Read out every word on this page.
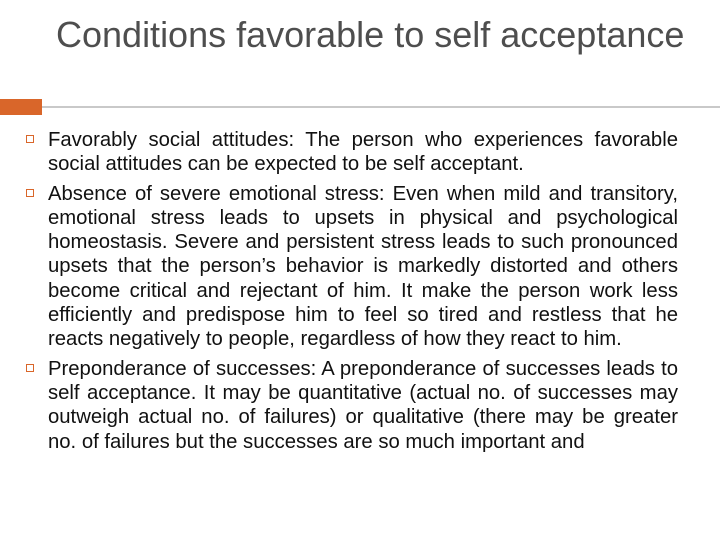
Conditions favorable to self acceptance
Favorably social attitudes: The person who experiences favorable social attitudes can be expected to be self acceptant.
Absence of severe emotional stress: Even when mild and transitory, emotional stress leads to upsets in physical and psychological homeostasis. Severe and persistent stress leads to such pronounced upsets that the person’s behavior is markedly distorted and others become critical and rejectant of him. It make the person work less efficiently and predispose him to feel so tired and restless that he reacts negatively to people, regardless of how they react to him.
Preponderance of successes: A preponderance of successes leads to self acceptance. It may be quantitative (actual no. of successes may outweigh actual no. of failures) or qualitative (there may be greater no. of failures but the successes are so much important and
